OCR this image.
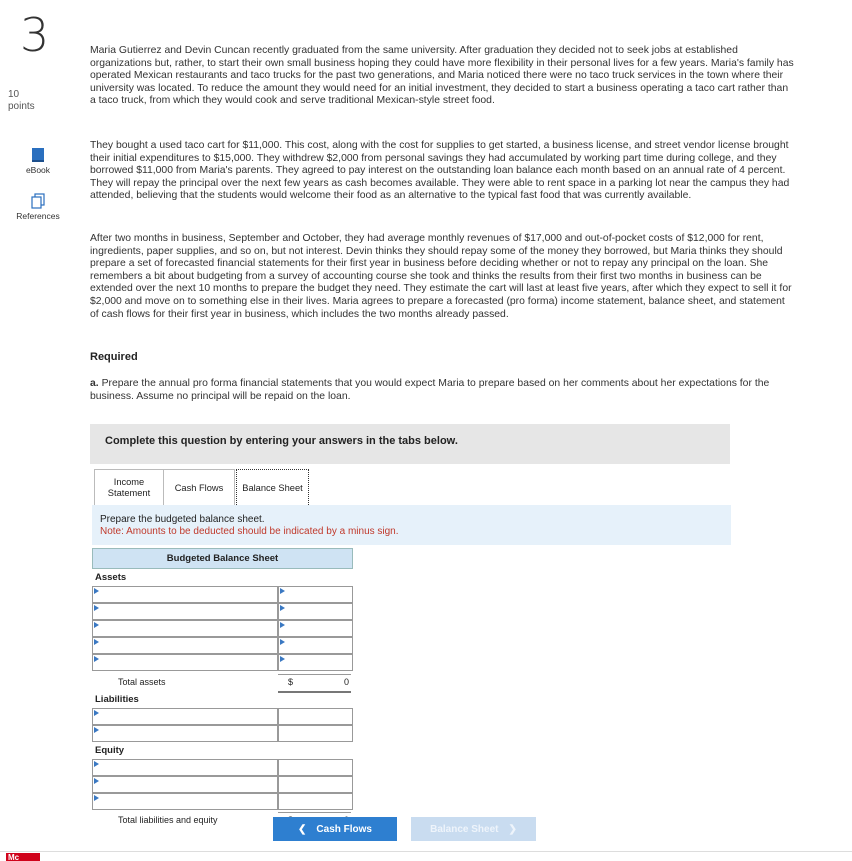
3
10
points
eBook
References
Maria Gutierrez and Devin Cuncan recently graduated from the same university. After graduation they decided not to seek jobs at established organizations but, rather, to start their own small business hoping they could have more flexibility in their personal lives for a few years. Maria's family has operated Mexican restaurants and taco trucks for the past two generations, and Maria noticed there were no taco truck services in the town where their university was located. To reduce the amount they would need for an initial investment, they decided to start a business operating a taco cart rather than a taco truck, from which they would cook and serve traditional Mexican-style street food.
They bought a used taco cart for $11,000. This cost, along with the cost for supplies to get started, a business license, and street vendor license brought their initial expenditures to $15,000. They withdrew $2,000 from personal savings they had accumulated by working part time during college, and they borrowed $11,000 from Maria's parents. They agreed to pay interest on the outstanding loan balance each month based on an annual rate of 4 percent. They will repay the principal over the next few years as cash becomes available. They were able to rent space in a parking lot near the campus they had attended, believing that the students would welcome their food as an alternative to the typical fast food that was currently available.
After two months in business, September and October, they had average monthly revenues of $17,000 and out-of-pocket costs of $12,000 for rent, ingredients, paper supplies, and so on, but not interest. Devin thinks they should repay some of the money they borrowed, but Maria thinks they should prepare a set of forecasted financial statements for their first year in business before deciding whether or not to repay any principal on the loan. She remembers a bit about budgeting from a survey of accounting course she took and thinks the results from their first two months in business can be extended over the next 10 months to prepare the budget they need. They estimate the cart will last at least five years, after which they expect to sell it for $2,000 and move on to something else in their lives. Maria agrees to prepare a forecasted (pro forma) income statement, balance sheet, and statement of cash flows for their first year in business, which includes the two months already passed.
Required
a. Prepare the annual pro forma financial statements that you would expect Maria to prepare based on her comments about her expectations for the business. Assume no principal will be repaid on the loan.
Complete this question by entering your answers in the tabs below.
Income
Statement
Cash Flows Balance Sheet
Prepare the budgeted balance sheet.
Note: Amounts to be deducted should be indicated by a minus sign.
Budgeted Balance Sheet
Assets
Total assets	$	0
Liabilities
Equity
Total liabilities and equity
❮ Cash Flows	Balance Sheet ❯
Mc
